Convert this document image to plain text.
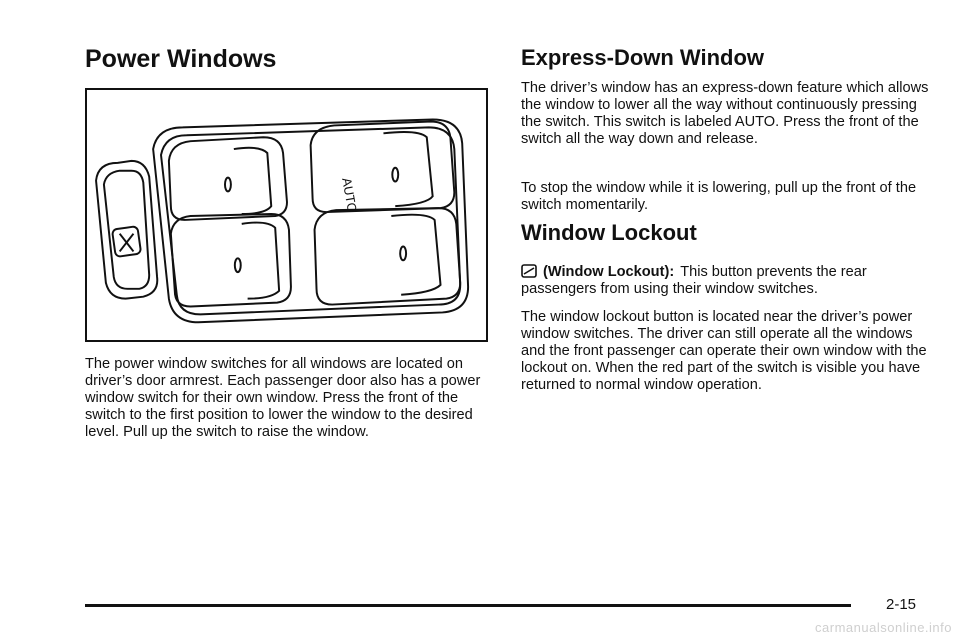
Power Windows
AUTO

The power window switches for all windows are located on driver’s door armrest. Each passenger door also has a power window switch for their own window. Press the front of the switch to the first position to lower the window to the desired level. Pull up the switch to raise the window.

Express-Down Window

The driver’s window has an express-down feature which allows the window to lower all the way without continuously pressing the switch. This switch is labeled AUTO. Press the front of the switch all the way down and release.

To stop the window while it is lowering, pull up the front of the switch momentarily.

Window Lockout

(Window Lockout): This button prevents the rear passengers from using their window switches.

The window lockout button is located near the driver’s power window switches. The driver can still operate all the windows and the front passenger can operate their own window with the lockout on. When the red part of the switch is visible you have returned to normal window operation.

2-15
carmanualsonline.info
